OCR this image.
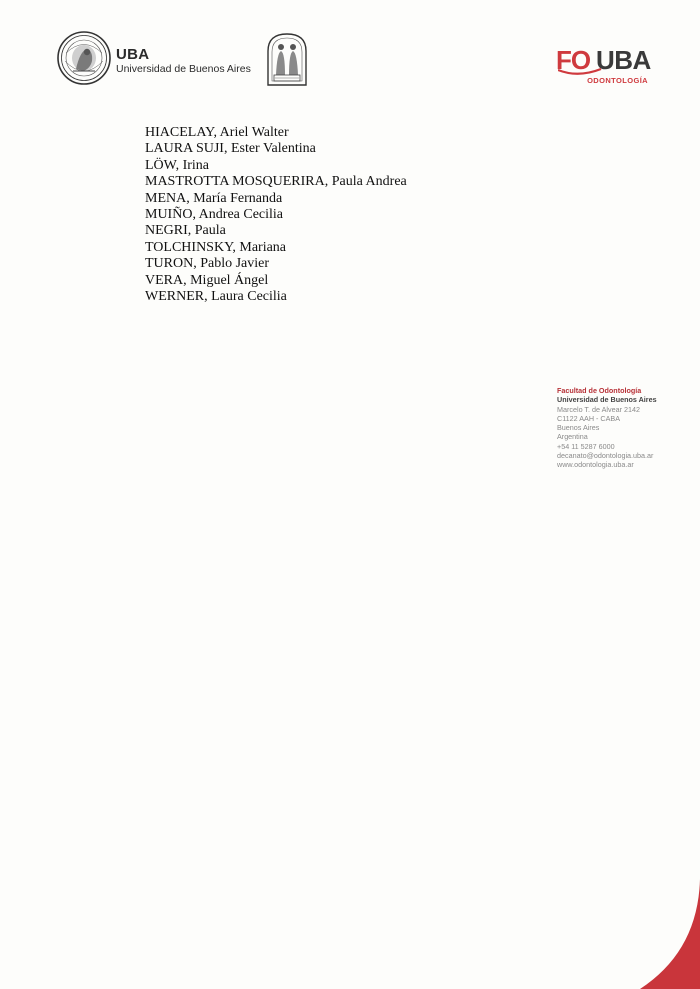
UBA
Universidad de Buenos Aires	FO UBA
ODONTOLOGÍA
HIACELAY, Ariel Walter
LAURA SUJI, Ester Valentina
LÖW, Irina
MASTROTTA MOSQUERIRA, Paula Andrea
MENA, María Fernanda
MUIÑO, Andrea Cecilia
NEGRI, Paula
TOLCHINSKY, Mariana
TURON, Pablo Javier
VERA, Miguel Ángel
WERNER, Laura Cecilia
Facultad de Odontología
Universidad de Buenos Aires
Marcelo T. de Alvear 2142
C1122 AAH - CABA
Buenos Aires
Argentina
+54 11 5287 6000
decanato@odontologia.uba.ar
www.odontologia.uba.ar
